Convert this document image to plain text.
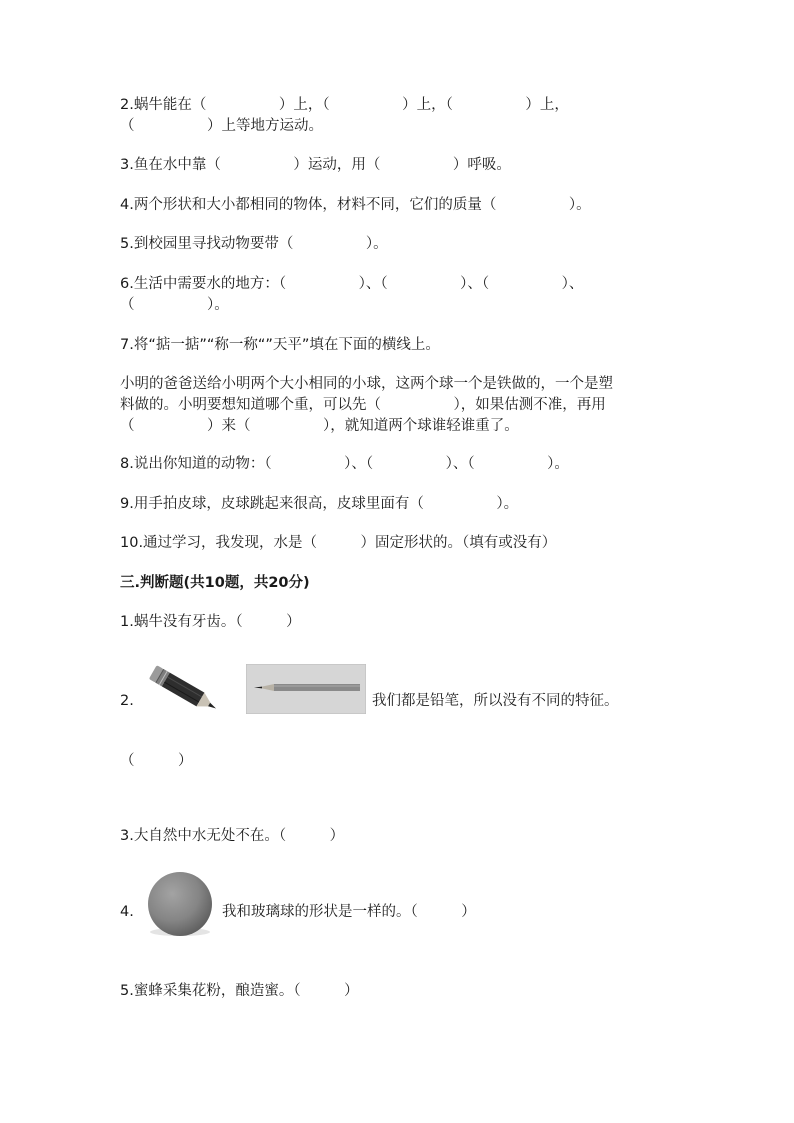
2.蜗牛能在（　　　　　）上，（　　　　　）上，（　　　　　）上，

（　　　　　）上等地方运动。

3.鱼在水中靠（　　　　　）运动，用（　　　　　）呼吸。

4.两个形状和大小都相同的物体，材料不同，它们的质量（　　　　　）。

5.到校园里寻找动物要带（　　　　　）。

6.生活中需要水的地方：（　　　　　）、（　　　　　）、（　　　　　）、

（　　　　　）。

7.将“掂一掂”“称一称“”天平”填在下面的横线上。

小明的爸爸送给小明两个大小相同的小球，这两个球一个是铁做的，一个是塑

料做的。小明要想知道哪个重，可以先（　　　　　），如果估测不准，再用

（　　　　　）来（　　　　　），就知道两个球谁轻谁重了。

8.说出你知道的动物：（　　　　　）、（　　　　　）、（　　　　　）。

9.用手拍皮球，皮球跳起来很高，皮球里面有（　　　　　）。

10.通过学习，我发现，水是（　　　）固定形状的。（填有或没有）

三.判断题(共10题，共20分)

1.蜗牛没有牙齿。（　　　）

2.	我们都是铅笔，所以没有不同的特征。

（　　　）

3.大自然中水无处不在。（　　　）

4.	我和玻璃球的形状是一样的。（　　　）

5.蜜蜂采集花粉，酿造蜜。（　　　）
